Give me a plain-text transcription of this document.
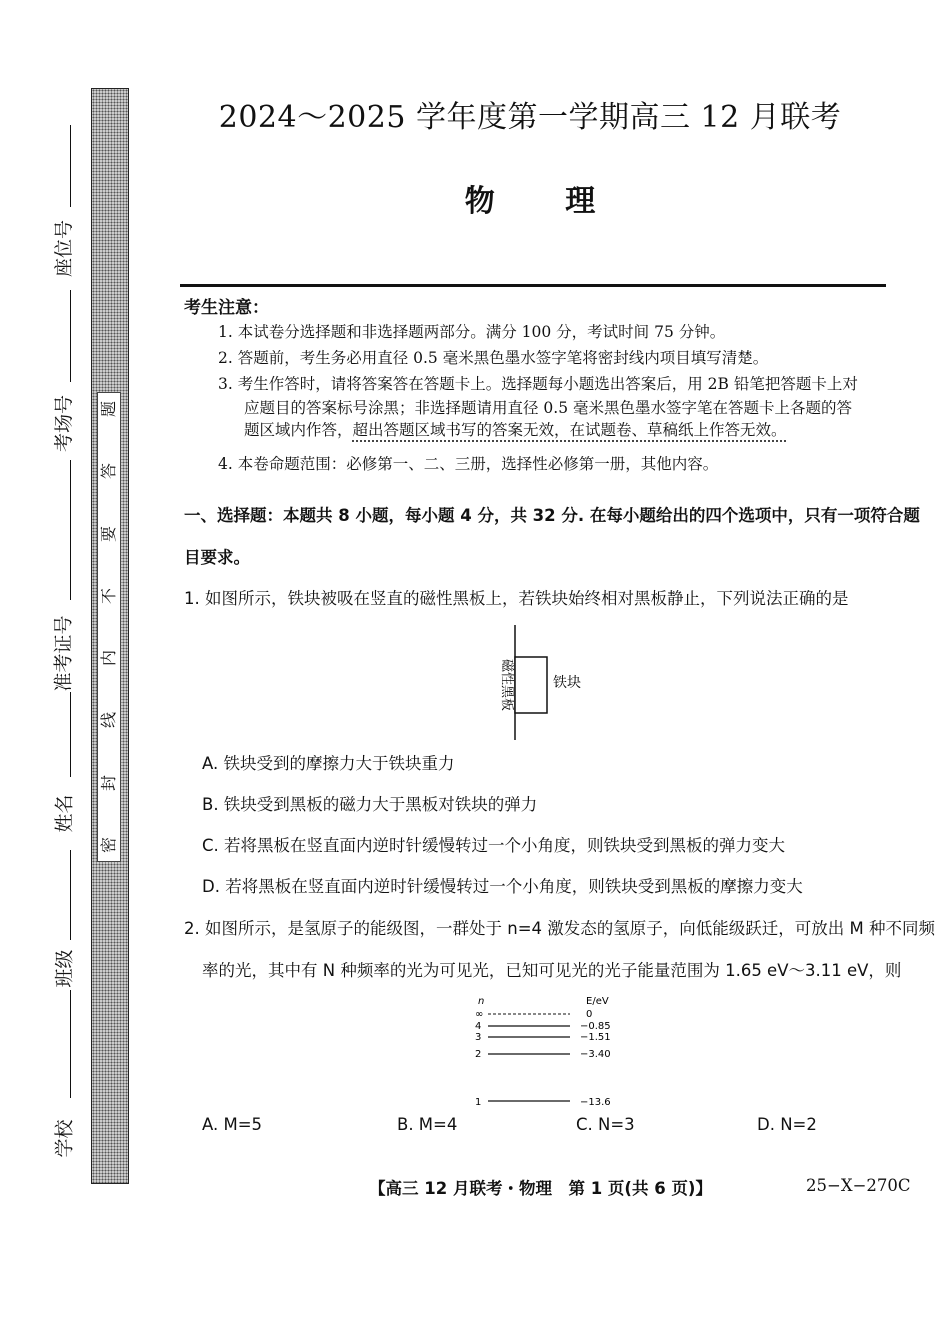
座位号
考场号
准考证号
姓名
班级
学校
题
答
要
不
内
线
封
密
2024～2025 学年度第一学期高三 12 月联考
物 理
考生注意：
1. 本试卷分选择题和非选择题两部分。满分 100 分，考试时间 75 分钟。
2. 答题前，考生务必用直径 0.5 毫米黑色墨水签字笔将密封线内项目填写清楚。
3. 考生作答时，请将答案答在答题卡上。选择题每小题选出答案后，用 2B 铅笔把答题卡上对
应题目的答案标号涂黑；非选择题请用直径 0.5 毫米黑色墨水签字笔在答题卡上各题的答
题区域内作答，超出答题区域书写的答案无效，在试题卷、草稿纸上作答无效。
4. 本卷命题范围：必修第一、二、三册，选择性必修第一册，其他内容。
一、选择题：本题共 8 小题，每小题 4 分，共 32 分. 在每小题给出的四个选项中，只有一项符合题
目要求。
1. 如图所示，铁块被吸在竖直的磁性黑板上，若铁块始终相对黑板静止，下列说法正确的是
磁性黑板	铁块
A. 铁块受到的摩擦力大于铁块重力
B. 铁块受到黑板的磁力大于黑板对铁块的弹力
C. 若将黑板在竖直面内逆时针缓慢转过一个小角度，则铁块受到黑板的弹力变大
D. 若将黑板在竖直面内逆时针缓慢转过一个小角度，则铁块受到黑板的摩擦力变大
2. 如图所示，是氢原子的能级图，一群处于 n=4 激发态的氢原子，向低能级跃迁，可放出 M 种不同频
率的光，其中有 N 种频率的光为可见光，已知可见光的光子能量范围为 1.65 eV～3.11 eV，则
n	E/eV
∞	0
4	−0.85
3	−1.51
2	−3.40
1	−13.6
A. M=5	B. M=4	C. N=3	D. N=2
【高三 12 月联考・物理　第 1 页(共 6 页)】	25−X−270C
